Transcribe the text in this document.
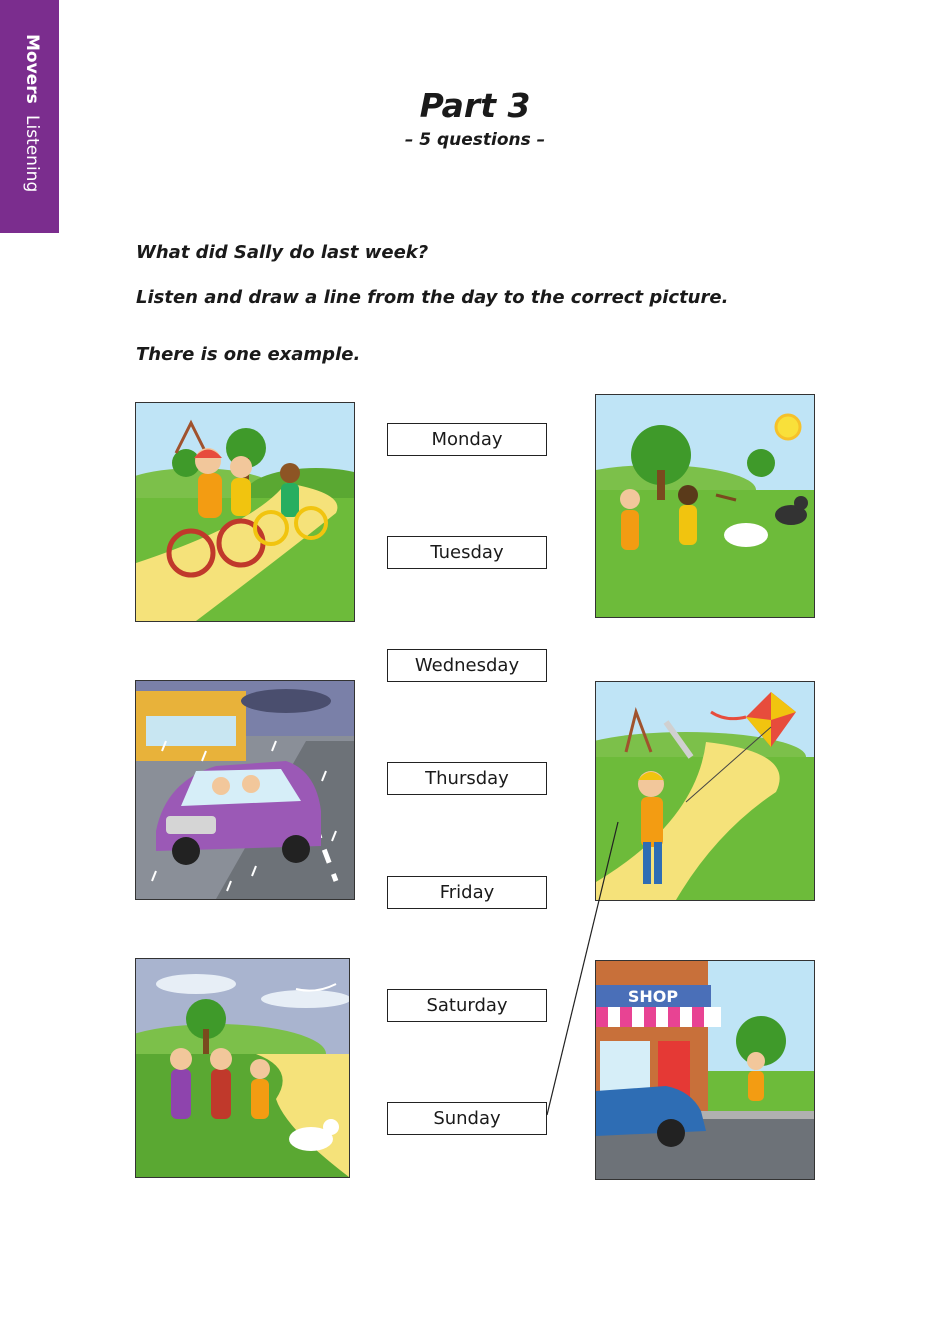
Movers Listening
Part 3
– 5 questions –
What did Sally do last week?
Listen and draw a line from the day to the correct picture.
There is one example.
SHOP
Monday
Tuesday
Wednesday
Thursday
Friday
Saturday
Sunday
